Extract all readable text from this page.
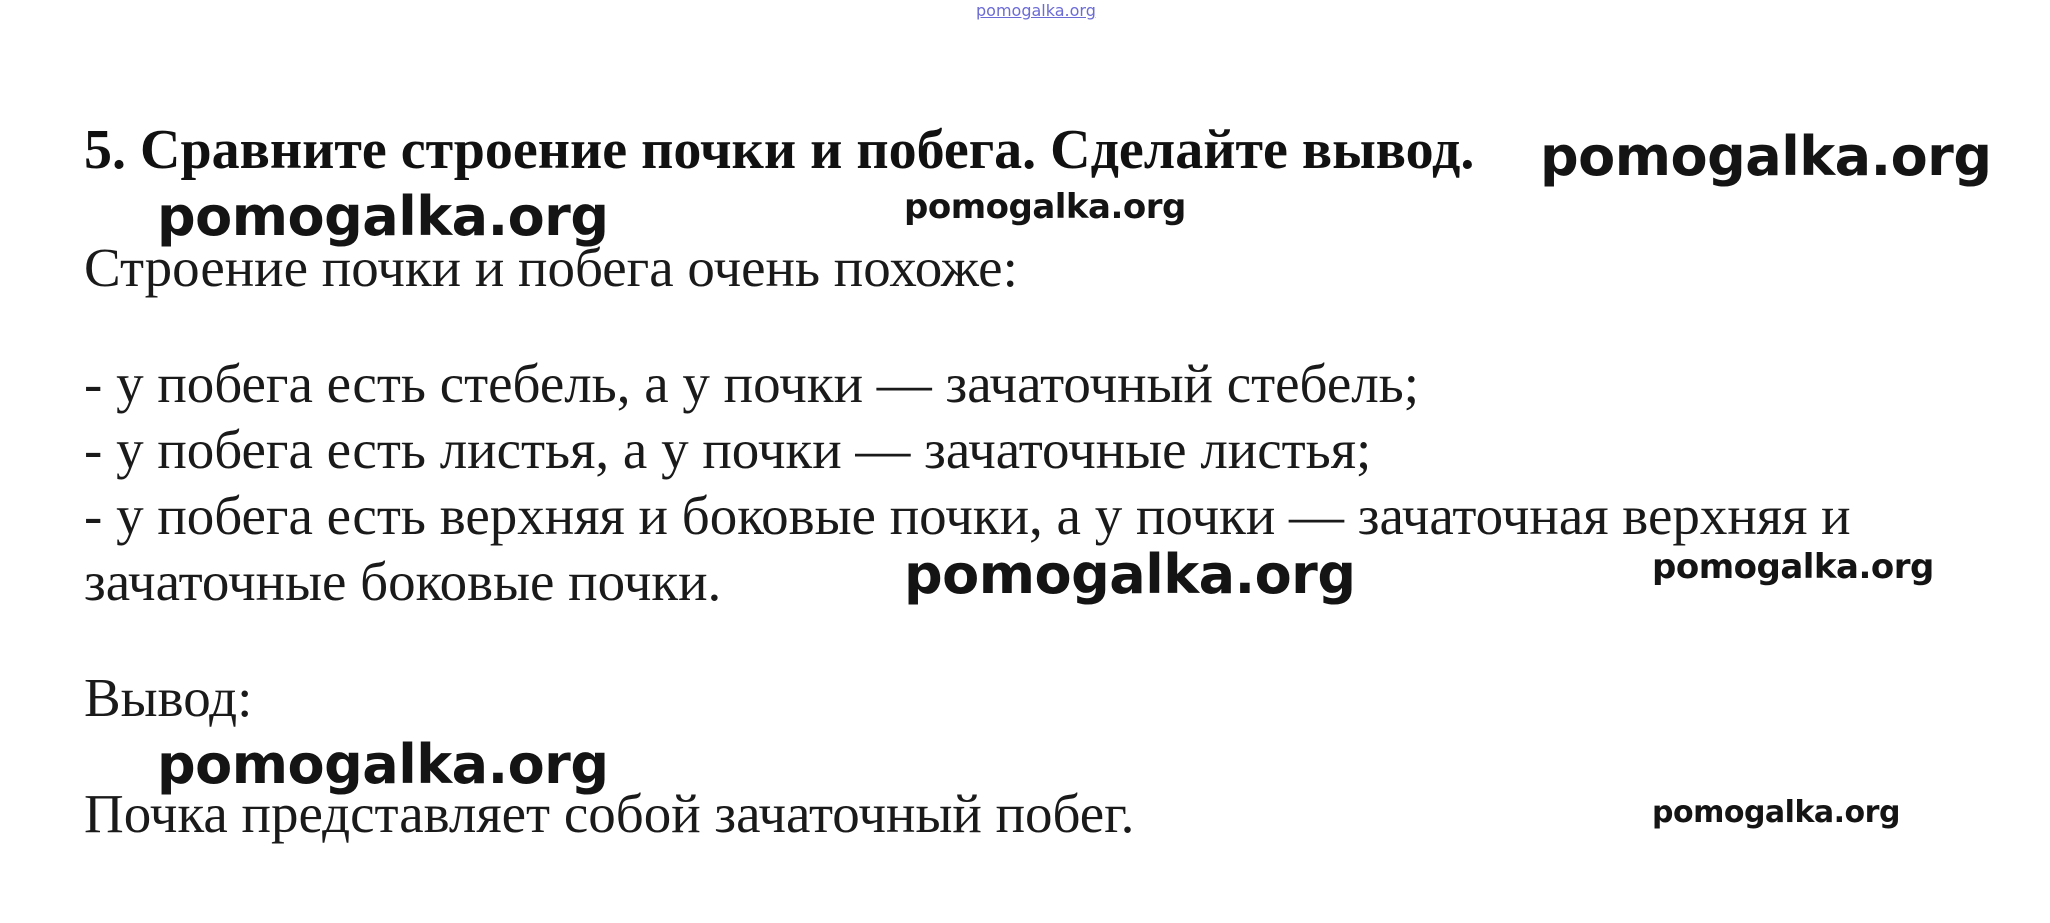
pomogalka.org
5. Сравните строение почки и побега. Сделайте вывод.
Строение почки и побега очень похоже:
- у побега есть стебель, а у почки — зачаточный стебель;
- у побега есть листья, а у почки — зачаточные листья;
- у побега есть верхняя и боковые почки, а у почки — зачаточная верхняя и
зачаточные боковые почки.
Вывод:
Почка представляет собой зачаточный побег.
pomogalka.org
pomogalka.org	pomogalka.org
pomogalka.org	pomogalka.org
pomogalka.org
pomogalka.org
